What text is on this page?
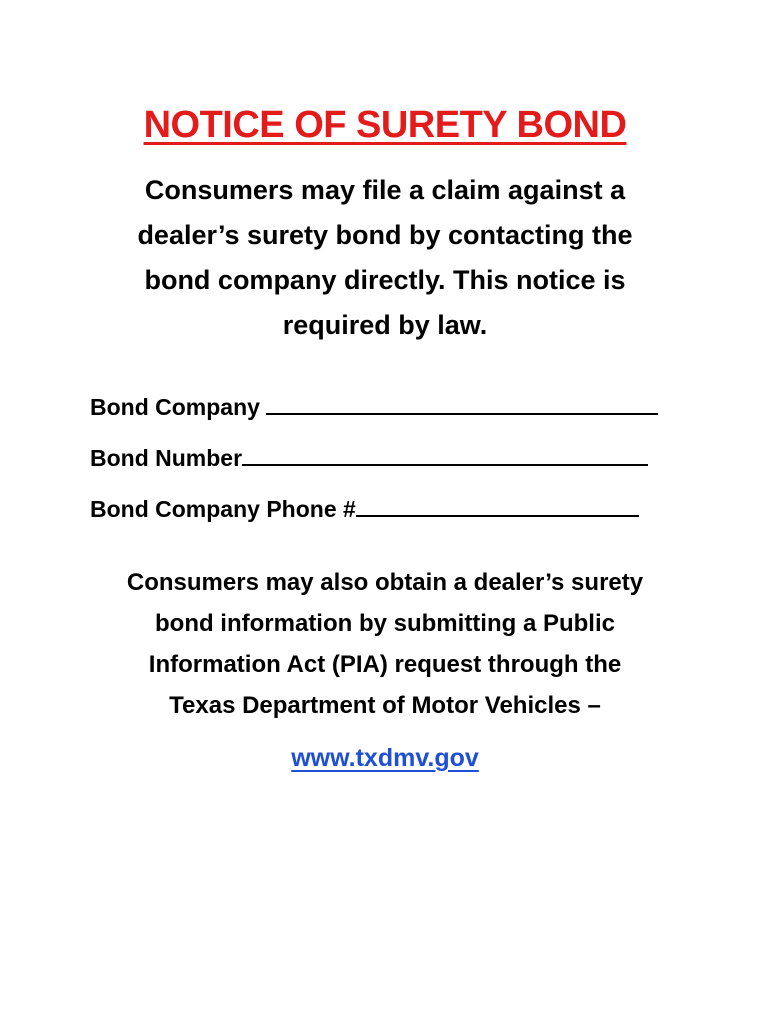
NOTICE OF SURETY BOND
Consumers may file a claim against a
dealer’s surety bond by contacting the
bond company directly. This notice is
required by law.
Bond Company
Bond Number
Bond Company Phone #
Consumers may also obtain a dealer’s surety
bond information by submitting a Public
Information Act (PIA) request through the
Texas Department of Motor Vehicles –
www.txdmv.gov
